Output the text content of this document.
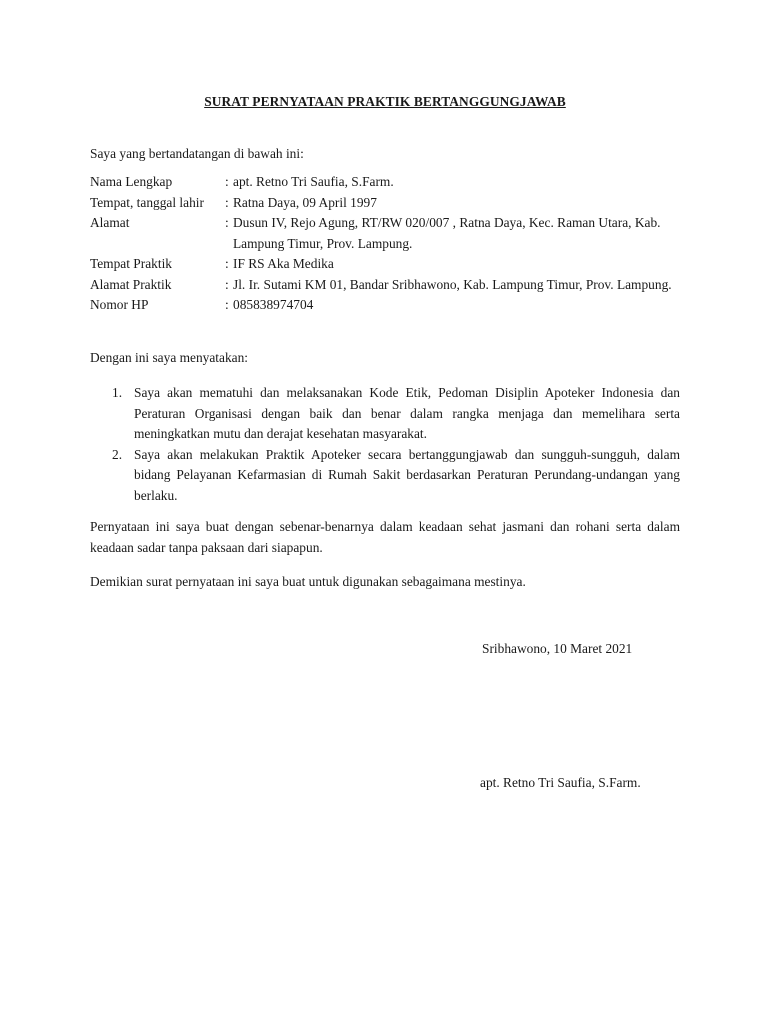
SURAT PERNYATAAN PRAKTIK BERTANGGUNGJAWAB
Saya yang bertandatangan di bawah ini:
Nama Lengkap	: apt. Retno Tri Saufia, S.Farm.
Tempat, tanggal lahir	: Ratna Daya, 09 April 1997
Alamat	: Dusun IV, Rejo Agung, RT/RW 020/007 , Ratna Daya, Kec. Raman Utara, Kab. Lampung Timur, Prov. Lampung.
Tempat Praktik	: IF RS Aka Medika
Alamat Praktik	: Jl. Ir. Sutami KM 01, Bandar Sribhawono, Kab. Lampung Timur, Prov. Lampung.
Nomor HP	: 085838974704
Dengan ini saya menyatakan:
1. Saya akan mematuhi dan melaksanakan Kode Etik, Pedoman Disiplin Apoteker Indonesia dan Peraturan Organisasi dengan baik dan benar dalam rangka menjaga dan memelihara serta meningkatkan mutu dan derajat kesehatan masyarakat.
2. Saya akan melakukan Praktik Apoteker secara bertanggungjawab dan sungguh-sungguh, dalam bidang Pelayanan Kefarmasian di Rumah Sakit berdasarkan Peraturan Perundang-undangan yang berlaku.
Pernyataan ini saya buat dengan sebenar-benarnya dalam keadaan sehat jasmani dan rohani serta dalam keadaan sadar tanpa paksaan dari siapapun.
Demikian surat pernyataan ini saya buat untuk digunakan sebagaimana mestinya.
Sribhawono, 10 Maret 2021
apt. Retno Tri Saufia, S.Farm.
